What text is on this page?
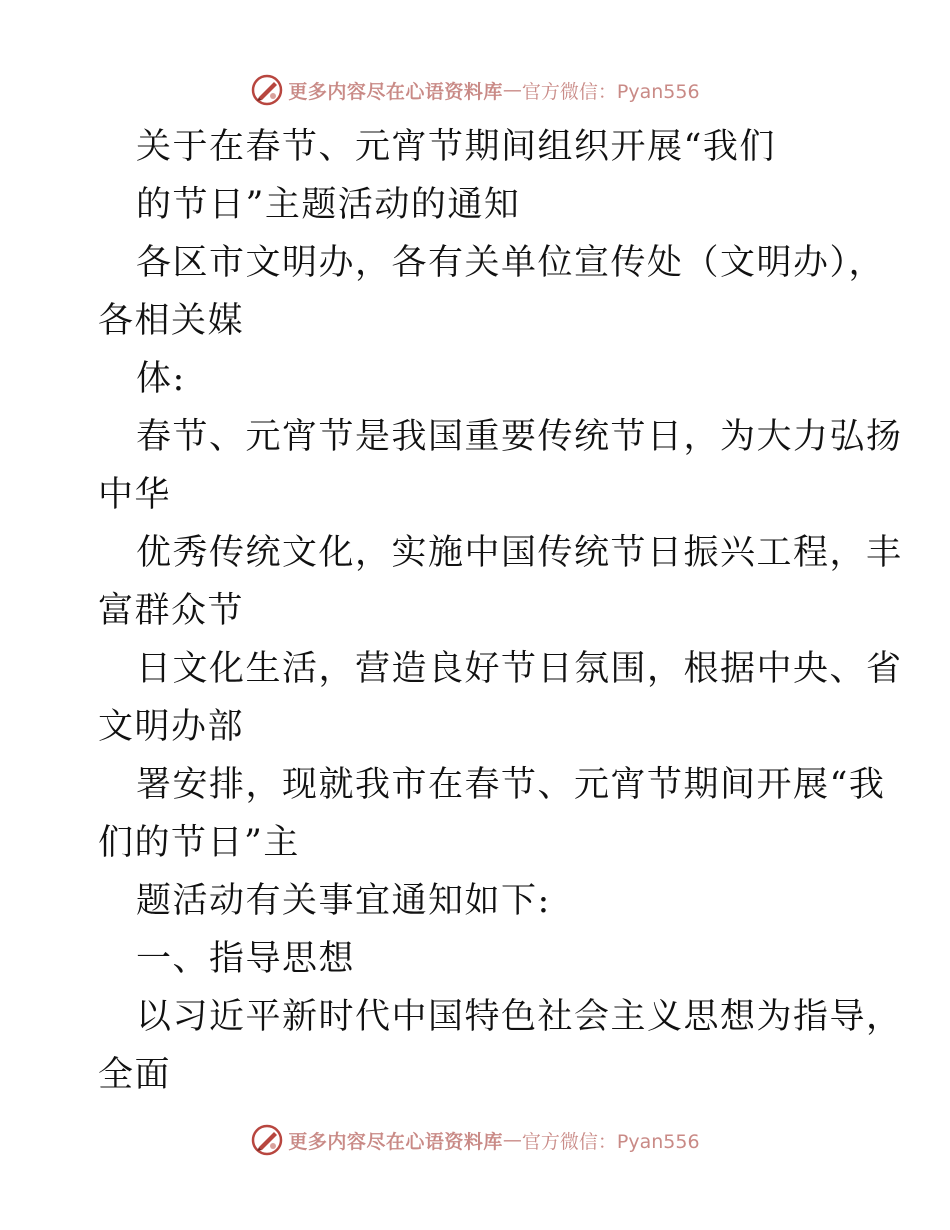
更多内容尽在心语资料库 — 官方微信：Pyan556
关于在春节、元宵节期间组织开展“我们
的节日”主题活动的通知
各区市文明办，各有关单位宣传处（文明办），
各相关媒
体:
春节、元宵节是我国重要传统节日，为大力弘扬
中华
优秀传统文化，实施中国传统节日振兴工程，丰
富群众节
日文化生活，营造良好节日氛围，根据中央、省
文明办部
署安排，现就我市在春节、元宵节期间开展“我
们的节日”主
题活动有关事宜通知如下:
一、指导思想
以习近平新时代中国特色社会主义思想为指导，
全面
更多内容尽在心语资料库 — 官方微信：Pyan556
